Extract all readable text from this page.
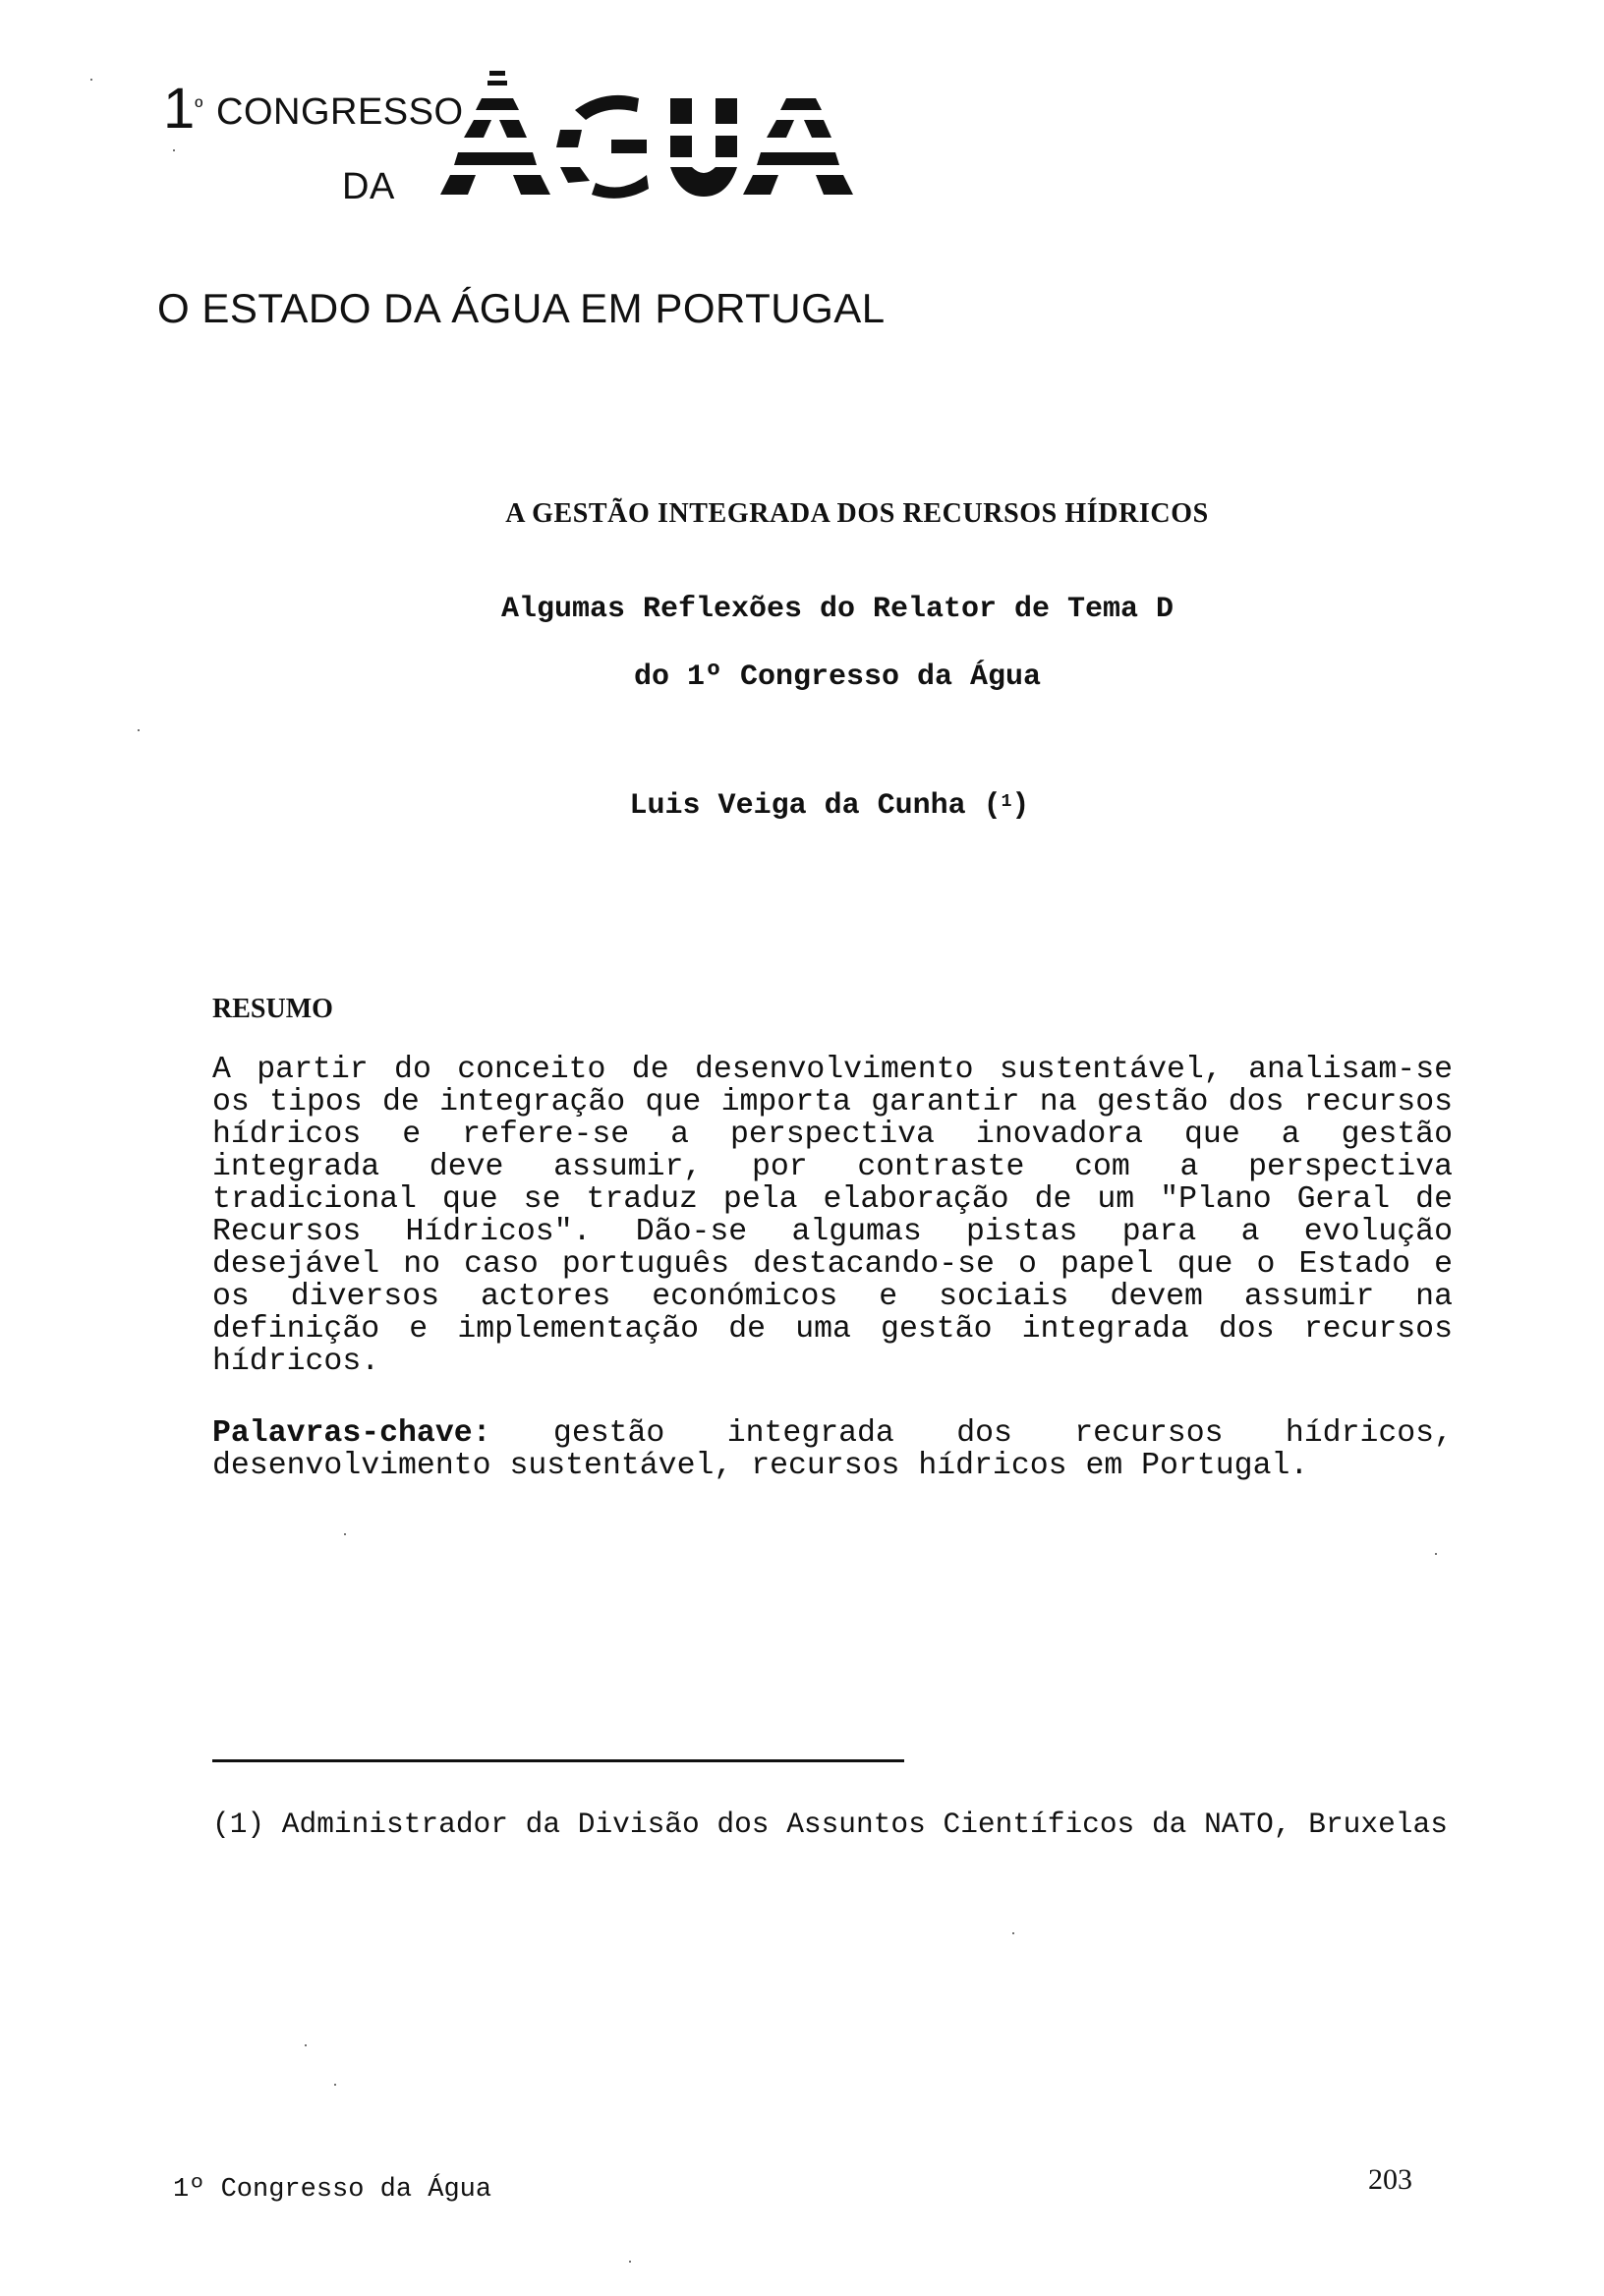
$1^º$ CONGRESSO
DA
O ESTADO DA ÁGUA EM PORTUGAL
A GESTÃO INTEGRADA DOS RECURSOS HÍDRICOS
Algumas Reflexões do Relator de Tema D
do 1º Congresso da Água
Luis Veiga da Cunha ($^1$)
RESUMO
A partir do conceito de desenvolvimento sustentável, analisam-se os tipos de integração que importa garantir na gestão dos recursos hídricos e refere-se a perspectiva inovadora que a gestão integrada deve assumir, por contraste com a perspectiva tradicional que se traduz pela elaboração de um "Plano Geral de Recursos Hídricos". Dão-se algumas pistas para a evolução desejável no caso português destacando-se o papel que o Estado e os diversos actores económicos e sociais devem assumir na definição e implementação de uma gestão integrada dos recursos hídricos.
Palavras-chave: gestão integrada dos recursos hídricos, desenvolvimento sustentável, recursos hídricos em Portugal.
(1) Administrador da Divisão dos Assuntos Científicos da NATO, Bruxelas
1º Congresso da Água	203
